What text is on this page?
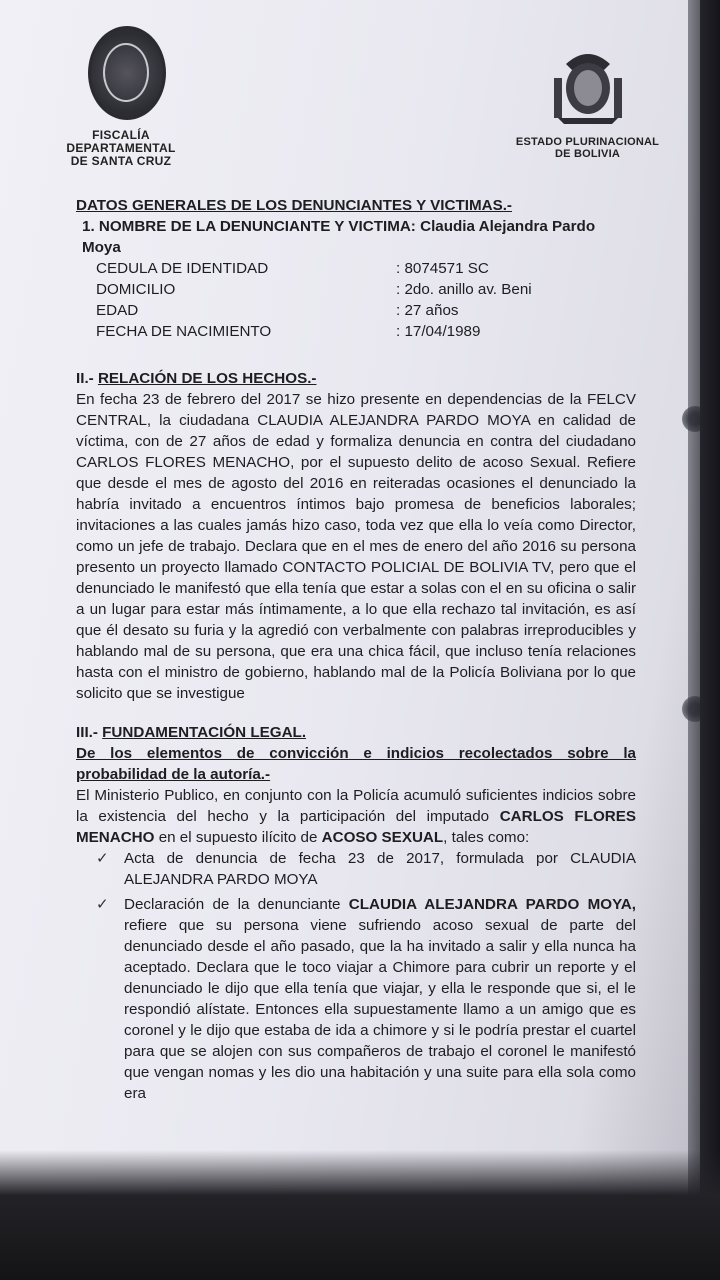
FISCALÍA DEPARTAMENTAL
DE SANTA CRUZ
ESTADO PLURINACIONAL
DE BOLIVIA
DATOS GENERALES DE LOS DENUNCIANTES Y VICTIMAS.-
1. NOMBRE DE LA DENUNCIANTE Y VICTIMA: Claudia Alejandra Pardo Moya
CEDULA DE IDENTIDAD	: 8074571 SC
DOMICILIO	: 2do. anillo av. Beni
EDAD	: 27 años
FECHA DE NACIMIENTO	: 17/04/1989
II.- RELACIÓN DE LOS HECHOS.-
En fecha 23 de febrero del 2017 se hizo presente en dependencias de la FELCV CENTRAL, la ciudadana CLAUDIA ALEJANDRA PARDO MOYA en calidad de víctima, con de 27 años de edad y formaliza denuncia en contra del ciudadano CARLOS FLORES MENACHO, por el supuesto delito de acoso Sexual. Refiere que desde el mes de agosto del 2016 en reiteradas ocasiones el denunciado la habría invitado a encuentros íntimos bajo promesa de beneficios laborales; invitaciones a las cuales jamás hizo caso, toda vez que ella lo veía como Director, como un jefe de trabajo. Declara que en el mes de enero del año 2016 su persona presento un proyecto llamado CONTACTO POLICIAL DE BOLIVIA TV, pero que el denunciado le manifestó que ella tenía que estar a solas con el en su oficina o salir a un lugar para estar más íntimamente, a lo que ella rechazo tal invitación, es así que él desato su furia y la agredió con verbalmente con palabras irreproducibles y hablando mal de su persona, que era una chica fácil, que incluso tenía relaciones hasta con el ministro de gobierno, hablando mal de la Policía Boliviana por lo que solicito que se investigue
III.- FUNDAMENTACIÓN LEGAL.
De los elementos de convicción e indicios recolectados sobre la probabilidad de la autoría.-
El Ministerio Publico, en conjunto con la Policía acumuló suficientes indicios sobre la existencia del hecho y la participación del imputado CARLOS FLORES MENACHO en el supuesto ilícito de ACOSO SEXUAL, tales como:
✓	Acta de denuncia de fecha 23 de 2017, formulada por CLAUDIA ALEJANDRA PARDO MOYA
✓	Declaración de la denunciante CLAUDIA ALEJANDRA PARDO MOYA, refiere que su persona viene sufriendo acoso sexual de parte del denunciado desde el año pasado, que la ha invitado a salir y ella nunca ha aceptado. Declara que le toco viajar a Chimore para cubrir un reporte y el denunciado le dijo que ella tenía que viajar, y ella le responde que si, el le respondió alístate. Entonces ella supuestamente llamo a un amigo que es coronel y le dijo que estaba de ida a chimore y si le podría prestar el cuartel para que se alojen con sus compañeros de trabajo el coronel le manifestó que vengan nomas y les dio una habitación y una suite para ella sola como era
